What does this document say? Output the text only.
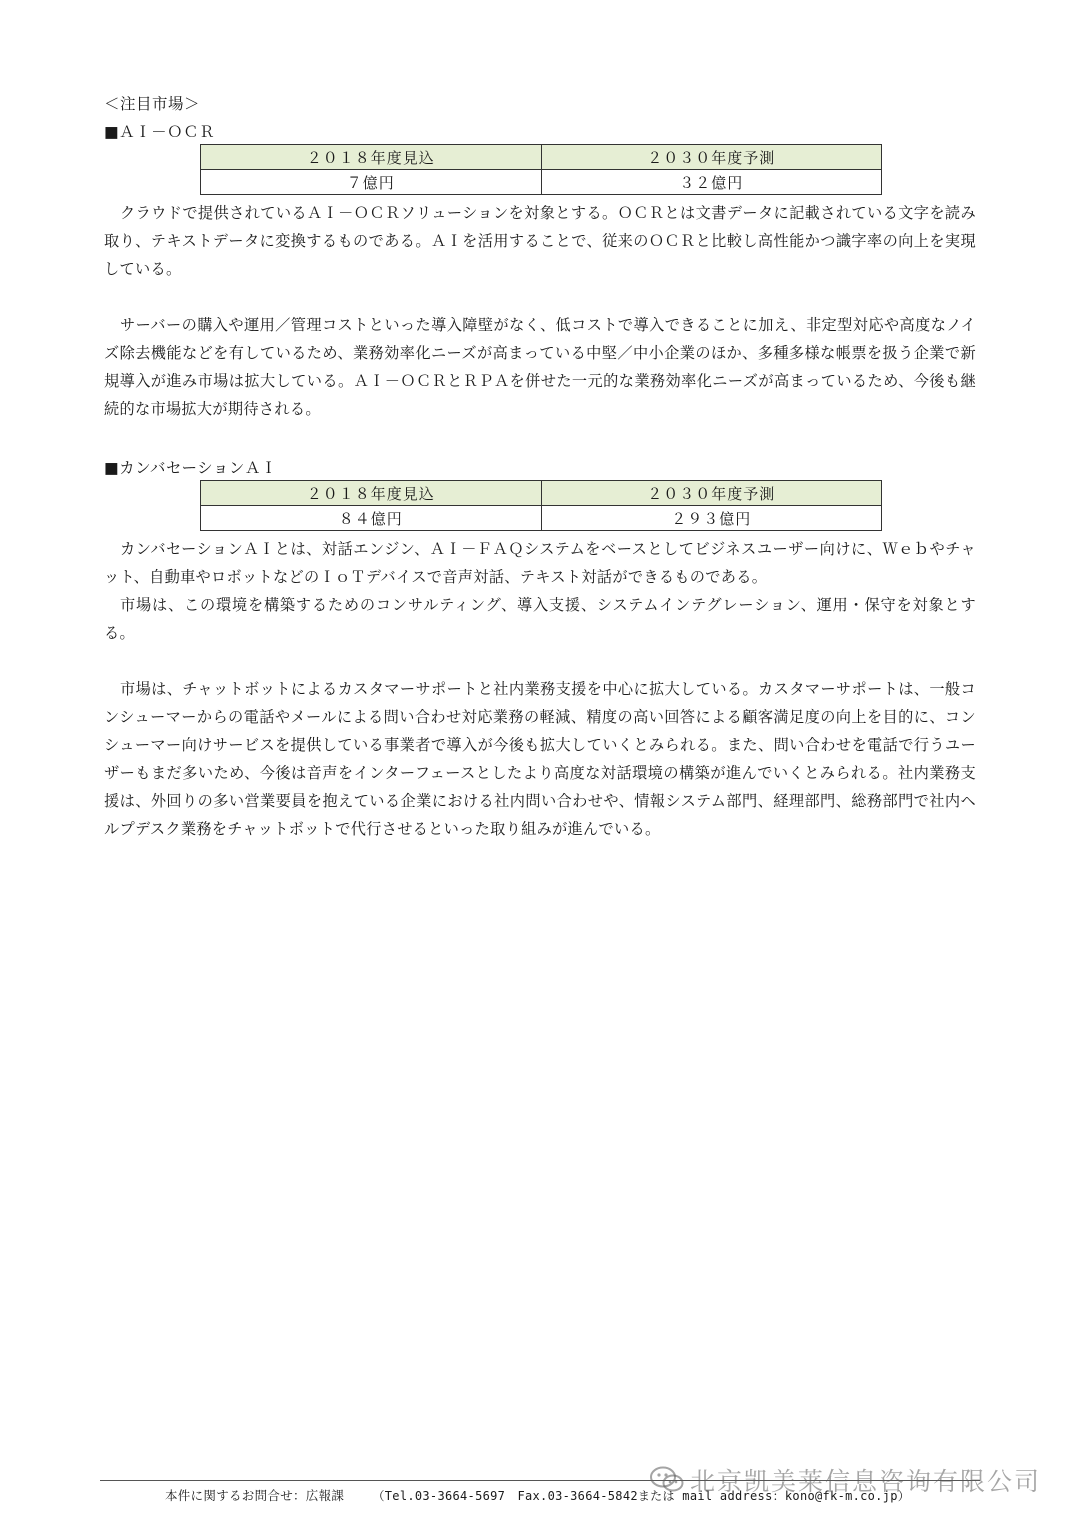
＜注目市場＞
■ＡＩ－ＯＣＲ
２０１８年度見込	２０３０年度予測
７億円	３２億円

クラウドで提供されているＡＩ－ＯＣＲソリューションを対象とする。ＯＣＲとは文書データに記載されている文字を読み取り、テキストデータに変換するものである。ＡＩを活用することで、従来のＯＣＲと比較し高性能かつ識字率の向上を実現している。

サーバーの購入や運用／管理コストといった導入障壁がなく、低コストで導入できることに加え、非定型対応や高度なノイズ除去機能などを有しているため、業務効率化ニーズが高まっている中堅／中小企業のほか、多種多様な帳票を扱う企業で新規導入が進み市場は拡大している。ＡＩ－ＯＣＲとＲＰＡを併せた一元的な業務効率化ニーズが高まっているため、今後も継続的な市場拡大が期待される。

■カンバセーションＡＩ
２０１８年度見込	２０３０年度予測
８４億円	２９３億円

カンバセーションＡＩとは、対話エンジン、ＡＩ－ＦＡＱシステムをベースとしてビジネスユーザー向けに、Ｗｅｂやチャット、自動車やロボットなどのＩｏＴデバイスで音声対話、テキスト対話ができるものである。

市場は、この環境を構築するためのコンサルティング、導入支援、システムインテグレーション、運用・保守を対象とする。

市場は、チャットボットによるカスタマーサポートと社内業務支援を中心に拡大している。カスタマーサポートは、一般コンシューマーからの電話やメールによる問い合わせ対応業務の軽減、精度の高い回答による顧客満足度の向上を目的に、コンシューマー向けサービスを提供している事業者で導入が今後も拡大していくとみられる。また、問い合わせを電話で行うユーザーもまだ多いため、今後は音声をインターフェースとしたより高度な対話環境の構築が進んでいくとみられる。社内業務支援は、外回りの多い営業要員を抱えている企業における社内問い合わせや、情報システム部門、経理部門、総務部門で社内ヘルプデスク業務をチャットボットで代行させるといった取り組みが進んでいる。

本件に関するお問合せ：広報課 （Tel.03-3664-5697　Fax.03-3664-5842または mail address：kono@fk-m.co.jp）
北京凯美莱信息咨询有限公司
